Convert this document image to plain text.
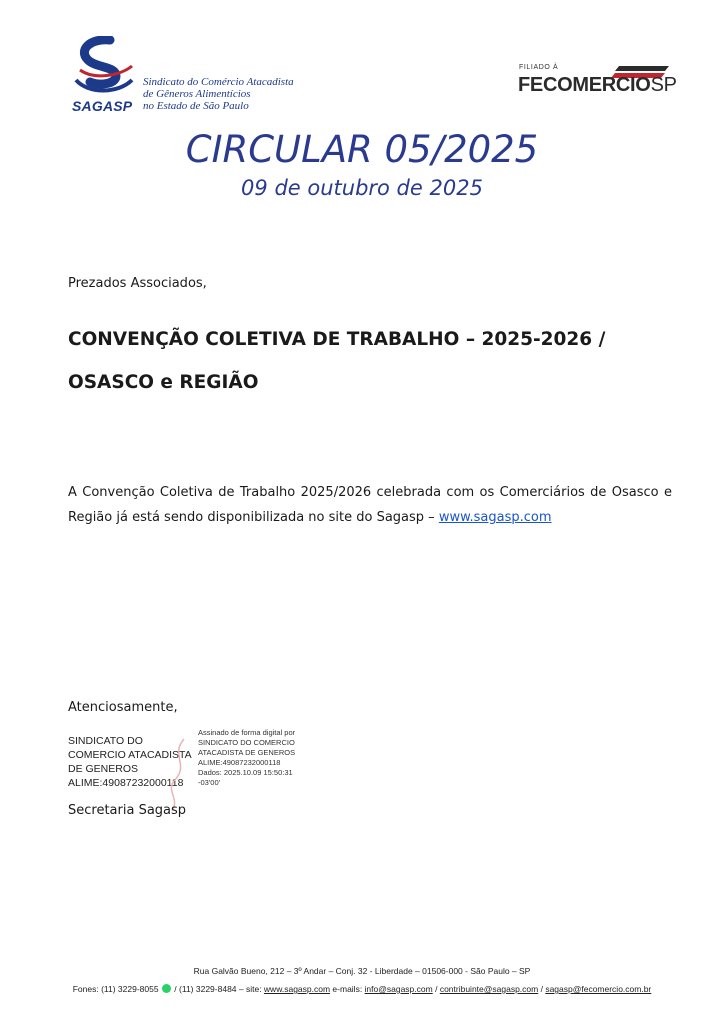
Sindicato do Comércio Atacadista
de Gêneros Alimentícios
no Estado de São Paulo
SAGASP
FILIADO À
FECOMERCIOSP
CIRCULAR 05/2025
09 de outubro de 2025
Prezados Associados,
CONVENÇÃO COLETIVA DE TRABALHO – 2025-2026 /
OSASCO e REGIÃO
A Convenção Coletiva de Trabalho 2025/2026 celebrada com os Comerciários de Osasco e Região já está sendo disponibilizada no site do Sagasp – www.sagasp.com
Atenciosamente,
SINDICATO DO
COMERCIO ATACADISTA
DE GENEROS
ALIME:49087232000118
Assinado de forma digital por
SINDICATO DO COMERCIO
ATACADISTA DE GENEROS
ALIME:49087232000118
Dados: 2025.10.09 15:50:31
-03'00'
Secretaria Sagasp
Rua Galvão Bueno, 212 – 3º Andar – Conj. 32 - Liberdade – 01506-000 - São Paulo – SP
Fones: (11) 3229-8055  / (11) 3229-8484 – site: www.sagasp.com e-mails: info@sagasp.com / contribuinte@sagasp.com / sagasp@fecomercio.com.br
